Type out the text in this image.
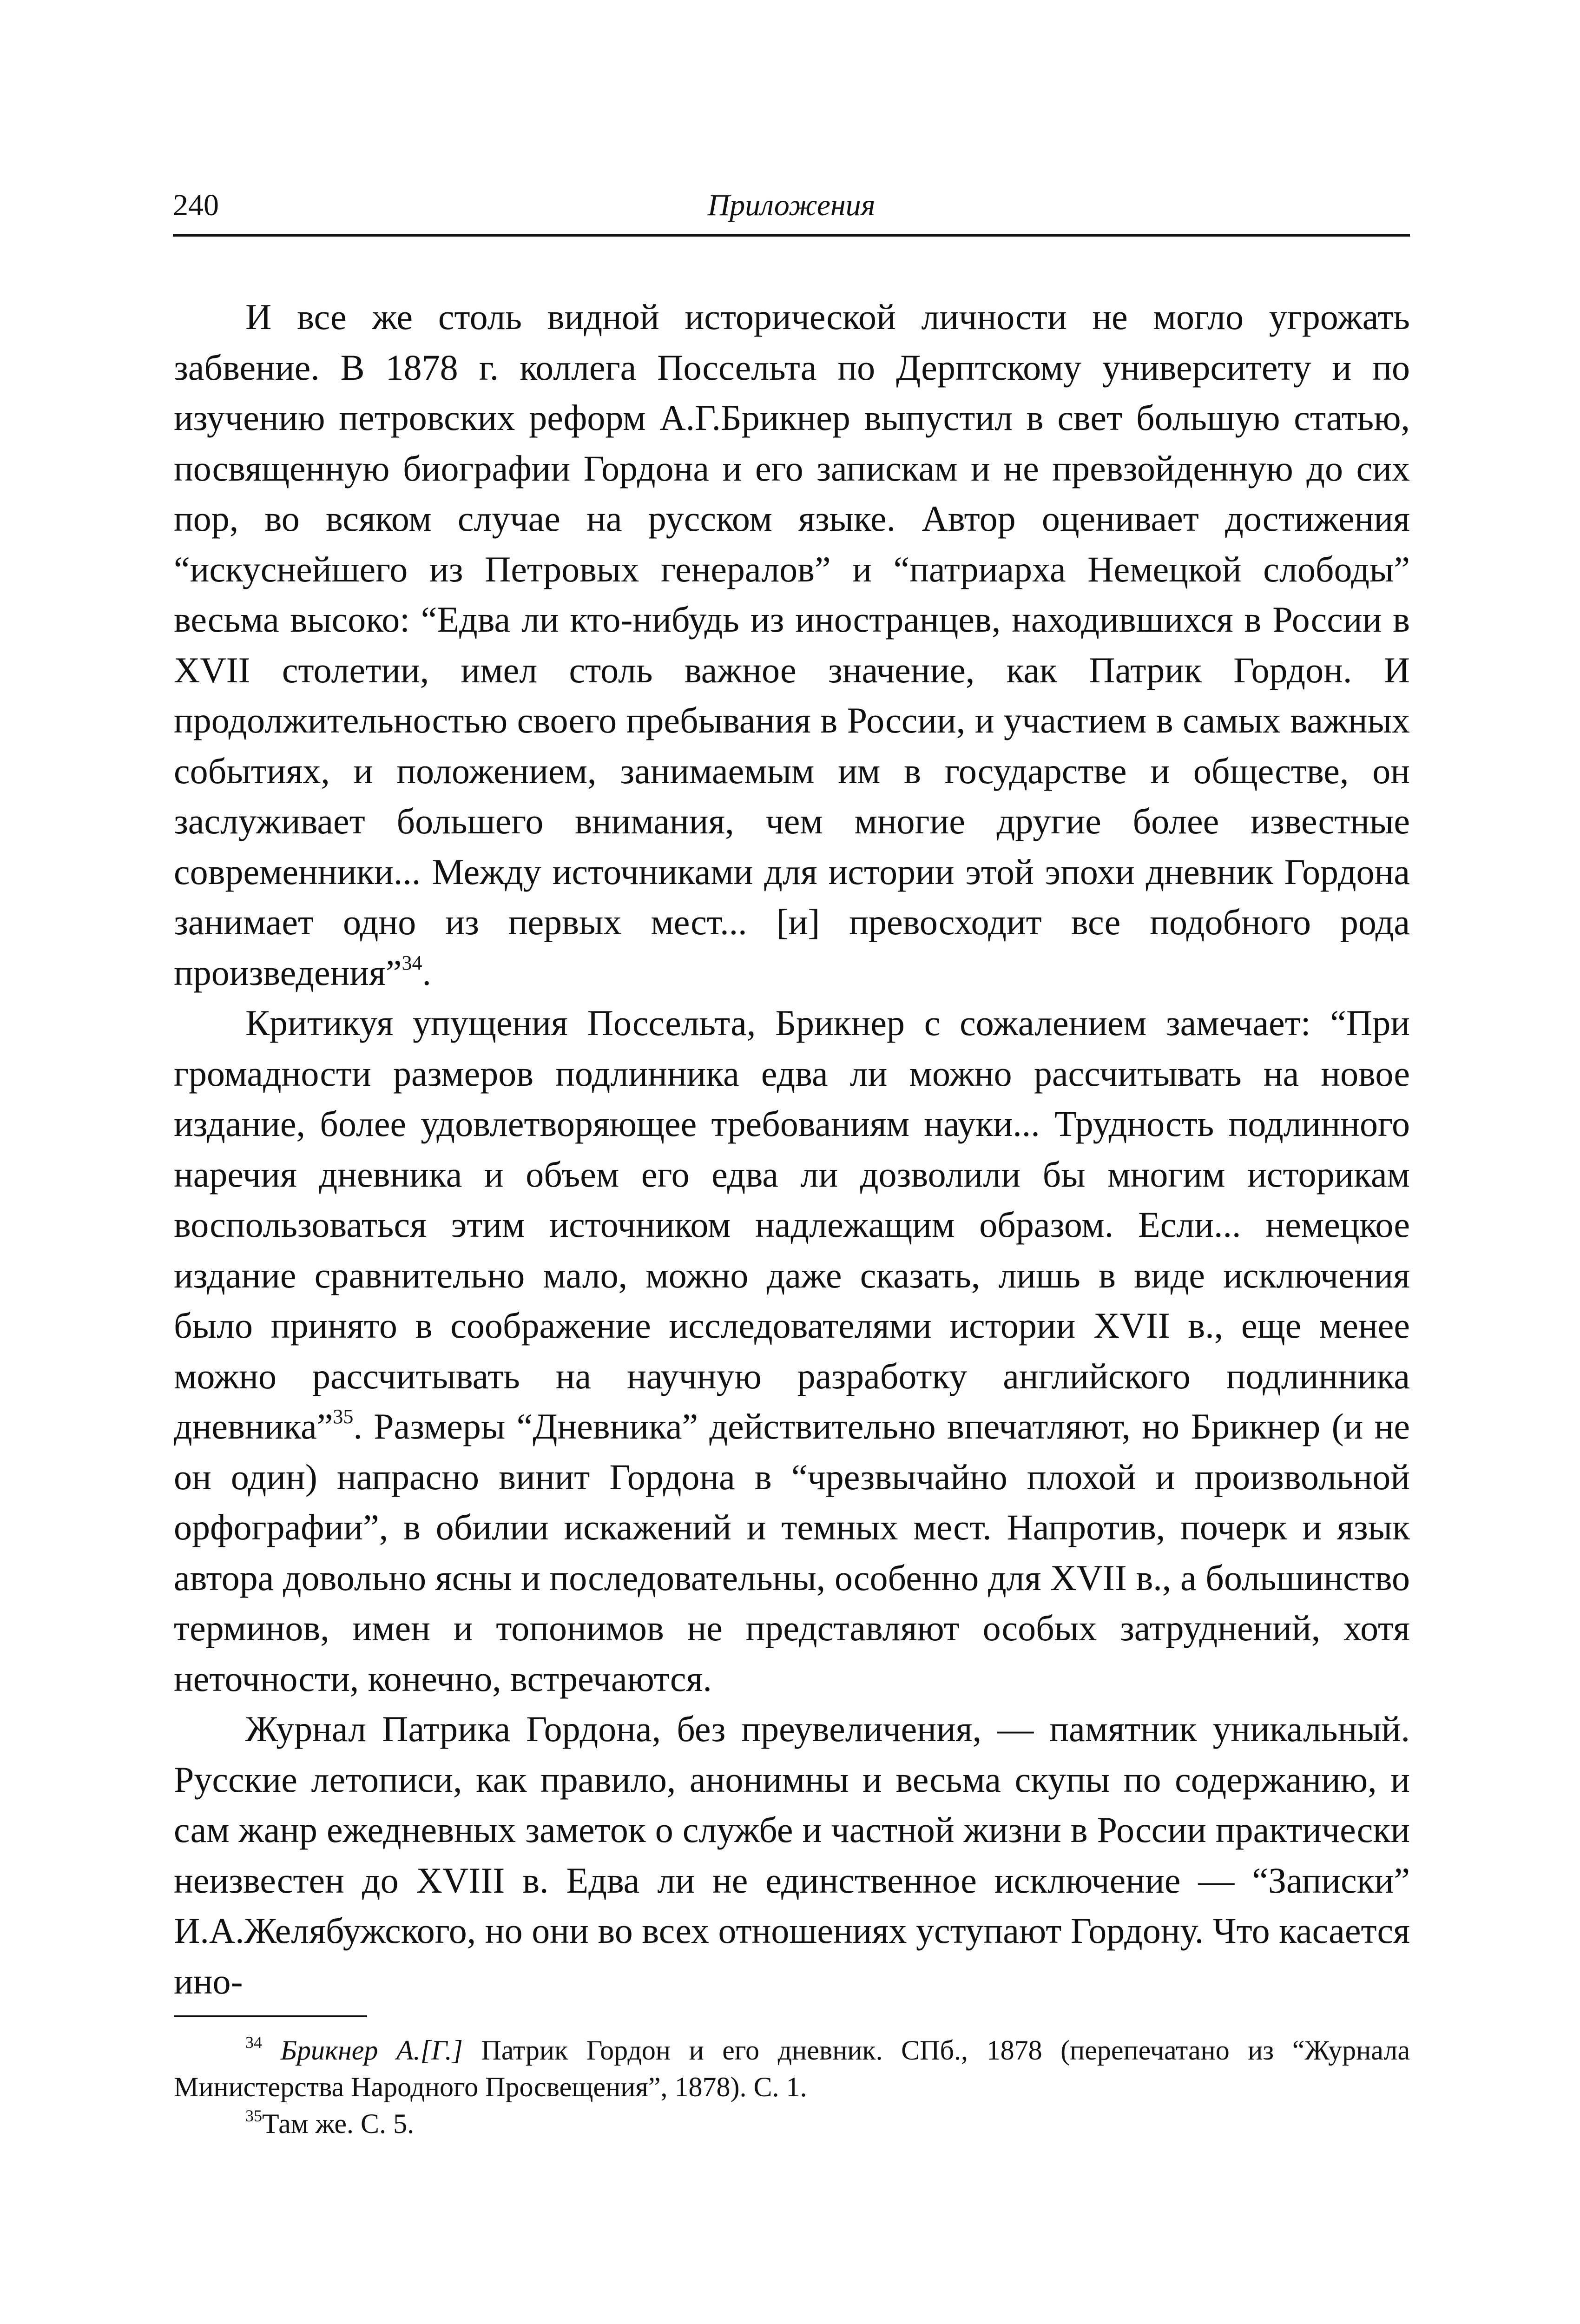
240	Приложения

И все же столь видной исторической личности не могло угрожать забвение. В 1878 г. коллега Поссельта по Дерптскому университету и по изучению петровских реформ А.Г.Брикнер выпустил в свет большую статью, посвященную биографии Гордона и его запискам и не превзойденную до сих пор, во всяком случае на русском языке. Автор оценивает достижения “искуснейшего из Петровых генералов” и “патриарха Немецкой слободы” весьма высоко: “Едва ли кто-нибудь из иностранцев, находившихся в России в XVII столетии, имел столь важное значение, как Патрик Гордон. И продолжительностью своего пребывания в России, и участием в самых важных событиях, и положением, занимаемым им в государстве и обществе, он заслуживает большего внимания, чем многие другие более известные современники... Между источниками для истории этой эпохи дневник Гордона занимает одно из первых мест... [и] превосходит все подобного рода произведения”$^{34}$.

Критикуя упущения Поссельта, Брикнер с сожалением замечает: “При громадности размеров подлинника едва ли можно рассчитывать на новое издание, более удовлетворяющее требованиям науки... Трудность подлинного наречия дневника и объем его едва ли дозволили бы многим историкам воспользоваться этим источником надлежащим образом. Если... немецкое издание сравнительно мало, можно даже сказать, лишь в виде исключения было принято в соображение исследователями истории XVII в., еще менее можно рассчитывать на научную разработку английского подлинника дневника”$^{35}$. Размеры “Дневника” действительно впечатляют, но Брикнер (и не он один) напрасно винит Гордона в “чрезвычайно плохой и произвольной орфографии”, в обилии искажений и темных мест. Напротив, почерк и язык автора довольно ясны и последовательны, особенно для XVII в., а большинство терминов, имен и топонимов не представляют особых затруднений, хотя неточности, конечно, встречаются.

Журнал Патрика Гордона, без преувеличения, — памятник уникальный. Русские летописи, как правило, анонимны и весьма скупы по содержанию, и сам жанр ежедневных заметок о службе и частной жизни в России практически неизвестен до XVIII в. Едва ли не единственное исключение — “Записки” И.А.Желябужского, но они во всех отношениях уступают Гордону. Что касается ино-

$^{34}$ Брикнер А.[Г.] Патрик Гордон и его дневник. СПб., 1878 (перепечатано из “Журнала Министерства Народного Просвещения”, 1878). С. 1.

$^{35}$Там же. С. 5.
